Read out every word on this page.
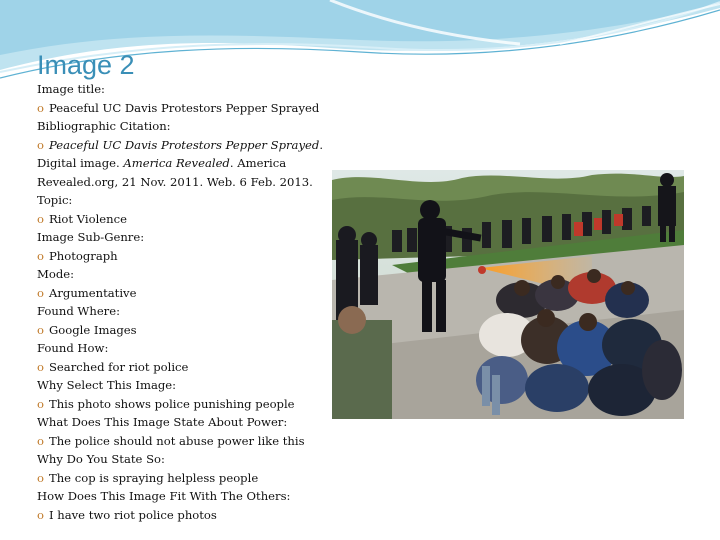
Image 2
Image title:
o Peaceful UC Davis Protestors Pepper Sprayed
Bibliographic Citation:
o Peaceful UC Davis Protestors Pepper Sprayed. Digital image. America Revealed. America Revealed.org, 21 Nov. 2011. Web. 6 Feb. 2013.
Topic:
o Riot Violence
Image Sub-Genre:
o Photograph
Mode:
o Argumentative
Found Where:
o Google Images
Found How:
o Searched for riot police
Why Select This Image:
o This photo shows police punishing people
What Does This Image State About Power:
o The police should not abuse power like this
Why Do You State So:
o The cop is spraying helpless people
How Does This Image Fit With The Others:
o I have two riot police photos
